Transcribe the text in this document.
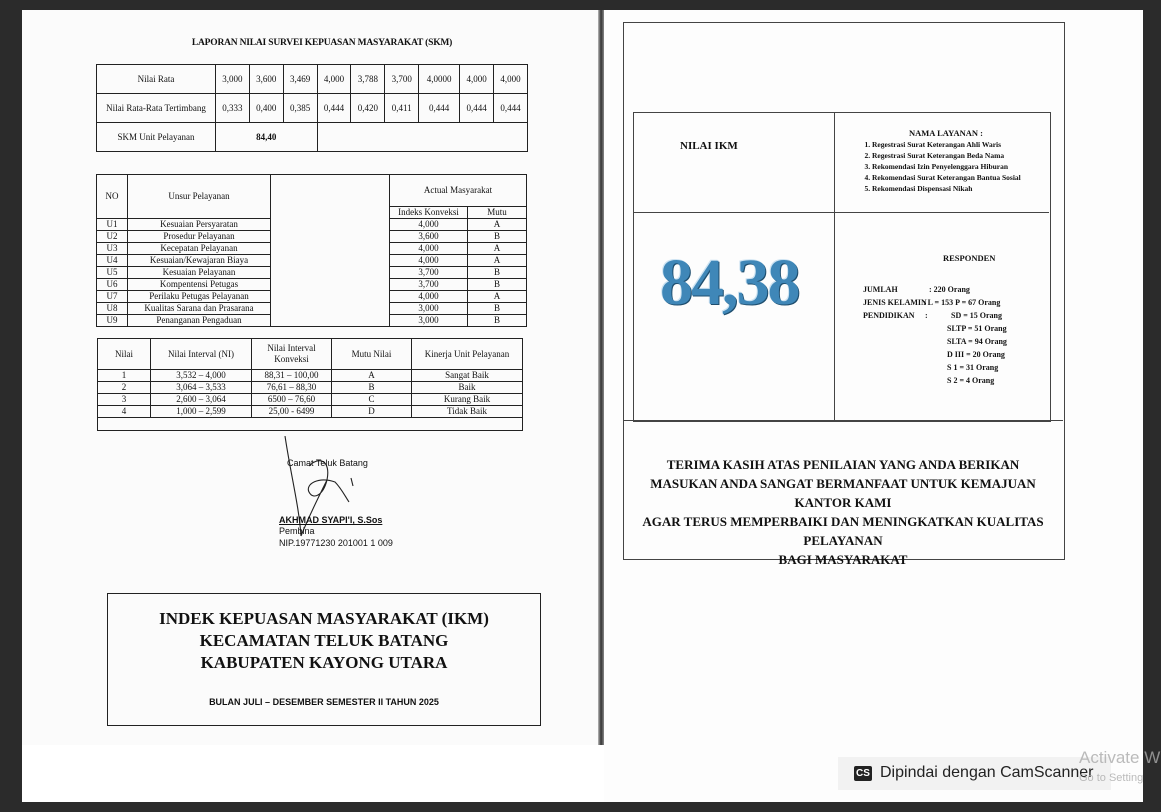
LAPORAN NILAI SURVEI KEPUASAN MASYARAKAT (SKM)
Nilai Rata	3,000	3,600	3,469	4,000	3,788	3,700	4,0000	4,000	4,000
Nilai Rata-Rata Tertimbang	0,333	0,400	0,385	0,444	0,420	0,411	0,444	0,444	0,444
SKM Unit Pelayanan	84,40								
NO	Unsur Pelayanan		Actual Masyarakat	
			Indeks Konveksi	Mutu
U1	Kesuaian Persyaratan		4,000	A
U2	Prosedur Pelayanan		3,600	B
U3	Kecepatan Pelayanan		4,000	A
U4	Kesuaian/Kewajaran Biaya		4,000	A
U5	Kesuaian Pelayanan		3,700	B
U6	Kompentensi Petugas		3,700	B
U7	Perilaku Petugas Pelayanan		4,000	A
U8	Kualitas Sarana dan Prasarana		3,000	B
U9	Penanganan Pengaduan		3,000	B
Nilai	Nilai Interval (NI)	Nilai Interval Konveksi	Mutu Nilai	Kinerja Unit Pelayanan
1	3,532 – 4,000	88,31 – 100,00	A	Sangat Baik
2	3,064 – 3,533	76,61 – 88,30	B	Baik
3	2,600 – 3,064	6500 – 76,60	C	Kurang Baik
4	1,000 – 2,599	25,00 - 6499	D	Tidak Baik

Camat Teluk Batang
AKHMAD SYAPI'I, S.Sos
Pembina
NIP.19771230 201001 1 009
INDEK KEPUASAN MASYARAKAT (IKM)
KECAMATAN TELUK BATANG
KABUPATEN KAYONG UTARA
BULAN JULI – DESEMBER SEMESTER II TAHUN 2025
NILAI IKM
84,38
NAMA LAYANAN :
1. Regestrasi Surat Keterangan Ahli Waris
2. Regestrasi Surat Keterangan Beda Nama
3. Rekomendasi Izin Penyelenggara Hiburan
4. Rekomendasi Surat Keterangan Bantua Sosial
5. Rekomendasi Dispensasi Nikah
RESPONDEN
JUMLAH	: 220 Orang
JENIS KELAMIN
: L = 153 P = 67 Orang
PENDIDIKAN :	SD = 15 Orang
SLTP = 51 Orang
SLTA = 94 Orang
D III = 20 Orang
S 1 = 31 Orang
S 2 = 4 Orang
TERIMA KASIH ATAS PENILAIAN YANG ANDA BERIKAN
MASUKAN ANDA SANGAT BERMANFAAT UNTUK KEMAJUAN KANTOR KAMI
AGAR TERUS MEMPERBAIKI DAN MENINGKATKAN KUALITAS PELAYANAN
BAGI MASYARAKAT
CS Dipindai dengan CamScanner
Activate W
Go to Setting
